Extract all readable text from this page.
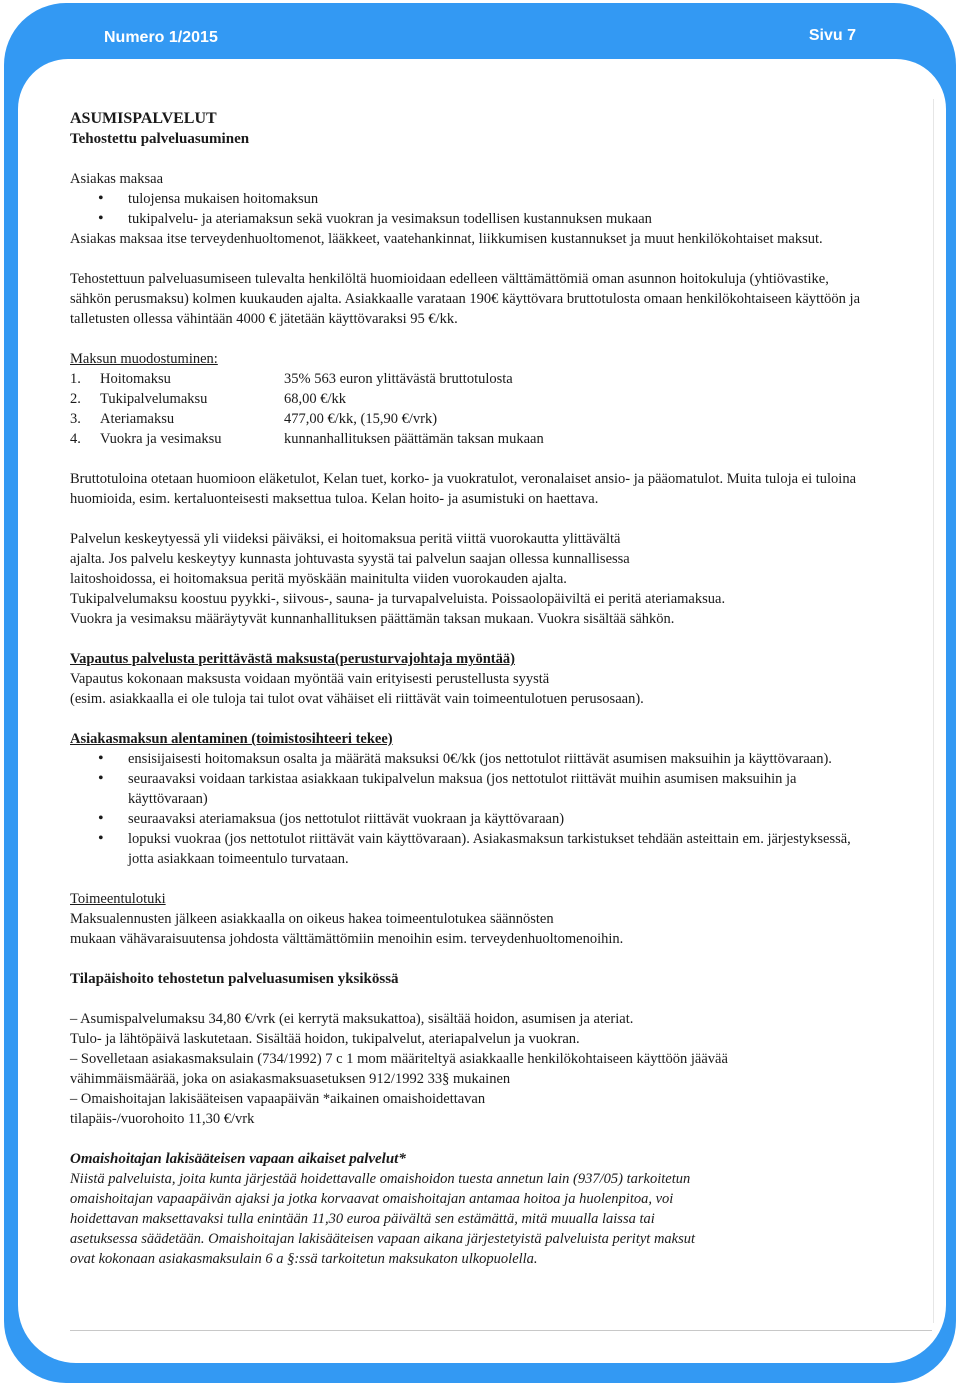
Numero 1/2015	Sivu 7

ASUMISPALVELUT

Tehostettu palveluasuminen

Asiakas maksaa

• tulojensa mukaisen hoitomaksun
• tukipalvelu- ja ateriamaksun sekä vuokran ja vesimaksun todellisen kustannuksen mukaan

Asiakas maksaa itse terveydenhuoltomenot, lääkkeet, vaatehankinnat, liikkumisen kustannukset ja muut henkilökohtaiset maksut.

Tehostettuun palveluasumiseen tulevalta henkilöltä huomioidaan edelleen välttämättömiä oman asunnon hoitokuluja (yhtiövastike, sähkön perusmaksu) kolmen kuukauden ajalta. Asiakkaalle varataan 190€ käyttövara bruttotulosta omaan henkilökohtaiseen käyttöön ja talletusten ollessa vähintään 4000 € jätetään käyttövaraksi 95 €/kk.

Maksun muodostuminen:

1.	Hoitomaksu	35% 563 euron ylittävästä bruttotulosta
2.	Tukipalvelumaksu	68,00 €/kk
3.	Ateriamaksu	477,00 €/kk, (15,90 €/vrk)
4.	Vuokra ja vesimaksu	kunnanhallituksen päättämän taksan mukaan

Bruttotuloina otetaan huomioon eläketulot, Kelan tuet, korko- ja vuokratulot, veronalaiset ansio- ja pääomatulot. Muita tuloja ei tuloina huomioida, esim. kertaluonteisesti maksettua tuloa. Kelan hoito- ja asumistuki on haettava.

Palvelun keskeytyessä yli viideksi päiväksi, ei hoitomaksua peritä viittä vuorokautta ylittävältä

ajalta. Jos palvelu keskeytyy kunnasta johtuvasta syystä tai palvelun saajan ollessa kunnallisessa

laitoshoidossa, ei hoitomaksua peritä myöskään mainitulta viiden vuorokauden ajalta.

Tukipalvelumaksu koostuu pyykki-, siivous-, sauna- ja turvapalveluista. Poissaolopäiviltä ei peritä ateriamaksua.

Vuokra ja vesimaksu määräytyvät kunnanhallituksen päättämän taksan mukaan. Vuokra sisältää sähkön.

Vapautus palvelusta perittävästä maksusta(perusturvajohtaja myöntää)

Vapautus kokonaan maksusta voidaan myöntää vain erityisesti perustellusta syystä

(esim. asiakkaalla ei ole tuloja tai tulot ovat vähäiset eli riittävät vain toimeentulotuen perusosaan).

Asiakasmaksun alentaminen (toimistosihteeri tekee)

• ensisijaisesti hoitomaksun osalta ja määrätä maksuksi 0€/kk (jos nettotulot riittävät asumisen maksuihin ja käyttövaraan).
• seuraavaksi voidaan tarkistaa asiakkaan tukipalvelun maksua (jos nettotulot riittävät muihin asumisen maksuihin ja käyttövaraan)
• seuraavaksi ateriamaksua (jos nettotulot riittävät vuokraan ja käyttövaraan)
• lopuksi vuokraa (jos nettotulot riittävät vain käyttövaraan). Asiakasmaksun tarkistukset tehdään asteittain em. järjestyksessä, jotta asiakkaan toimeentulo turvataan.

Toimeentulotuki

Maksualennusten jälkeen asiakkaalla on oikeus hakea toimeentulotukea säännösten

mukaan vähävaraisuutensa johdosta välttämättömiin menoihin esim. terveydenhuoltomenoihin.

Tilapäishoito tehostetun palveluasumisen yksikössä

– Asumispalvelumaksu 34,80 €/vrk (ei kerrytä maksukattoa), sisältää hoidon, asumisen ja ateriat.

Tulo- ja lähtöpäivä laskutetaan. Sisältää hoidon, tukipalvelut, ateriapalvelun ja vuokran.

– Sovelletaan asiakasmaksulain (734/1992) 7 c 1 mom määriteltyä asiakkaalle henkilökohtaiseen käyttöön jäävää

vähimmäismäärää, joka on asiakasmaksuasetuksen 912/1992 33§ mukainen

– Omaishoitajan lakisääteisen vapaapäivän *aikainen omaishoidettavan

tilapäis-/vuorohoito 11,30 €/vrk

Omaishoitajan lakisääteisen vapaan aikaiset palvelut*

Niistä palveluista, joita kunta järjestää hoidettavalle omaishoidon tuesta annetun lain (937/05) tarkoitetun

omaishoitajan vapaapäivän ajaksi ja jotka korvaavat omaishoitajan antamaa hoitoa ja huolenpitoa, voi

hoidettavan maksettavaksi tulla enintään 11,30 euroa päivältä sen estämättä, mitä muualla laissa tai

asetuksessa säädetään. Omaishoitajan lakisääteisen vapaan aikana järjestetyistä palveluista perityt maksut

ovat kokonaan asiakasmaksulain 6 a §:ssä tarkoitetun maksukaton ulkopuolella.
